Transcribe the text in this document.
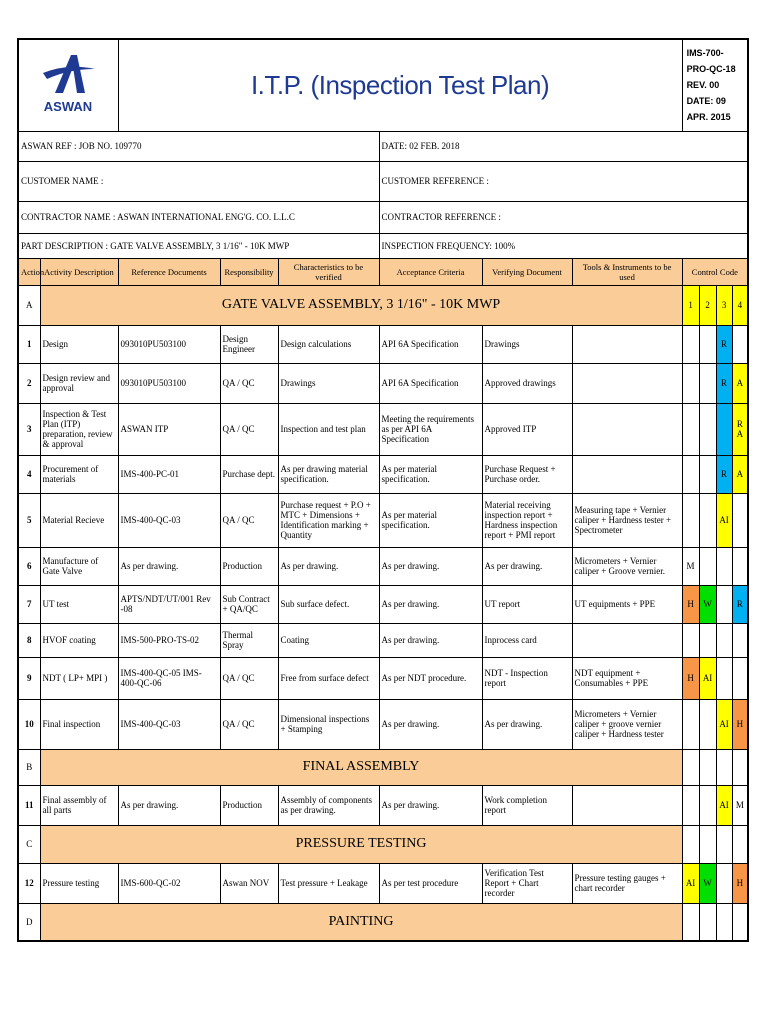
ASWAN		I.T.P. (Inspection Test Plan)						IMS-700-PRO-QC-18
REV. 00
DATE: 09 APR. 2015			

ASWAN REF : JOB NO. 109770					DATE: 02 FEB. 2018						
CUSTOMER NAME :					CUSTOMER REFERENCE :						
CONTRACTOR NAME : ASWAN INTERNATIONAL ENG'G. CO. L.L.C					CONTRACTOR REFERENCE :						
PART DESCRIPTION : GATE VALVE ASSEMBLY, 3 1/16" - 10K MWP					INSPECTION FREQUENCY: 100%						
Action	Activity Description	Reference Documents	Responsibility	Characteristics to be verified	Acceptance Criteria	Verifying Document	Tools & Instruments to be used	Control Code			
A	GATE VALVE ASSEMBLY, 3 1/16" - 10K MWP							1	2	3	4
1	Design	093010PU503100	Design Engineer	Design calculations	API 6A Specification	Drawings				R	
2	Design review and approval	093010PU503100	QA / QC	Drawings	API 6A Specification	Approved drawings				R	A
3	Inspection & Test Plan (ITP) preparation, review & approval	ASWAN ITP	QA / QC	Inspection and test plan	Meeting the requirements as per API 6A Specification	Approved ITP					R A
4	Procurement of materials	IMS-400-PC-01	Purchase dept.	As per drawing material specification.	As per material specification.	Purchase Request + Purchase order.				R	A
5	Material Recieve	IMS-400-QC-03	QA / QC	Purchase request + P.O + MTC + Dimensions + Identification marking + Quantity	As per material specification.	Material receiving inspection report + Hardness inspection report + PMI report	Measuring tape + Vernier caliper + Hardness tester + Spectrometer			AI	
6	Manufacture of Gate Valve	As per drawing.	Production	As per drawing.	As per drawing.	As per drawing.	Micrometers + Vernier caliper + Groove vernier.	M			
7	UT test	APTS/NDT/UT/001 Rev -08	Sub Contract + QA/QC	Sub surface defect.	As per drawing.	UT report	UT equipments + PPE	H	W		R
8	HVOF coating	IMS-500-PRO-TS-02	Thermal Spray	Coating	As per drawing.	Inprocess card					
9	NDT ( LP+ MPI )	IMS-400-QC-05 IMS-400-QC-06	QA / QC	Free from surface defect	As per NDT procedure.	NDT - Inspection report	NDT equipment + Consumables + PPE	H	AI		
10	Final inspection	IMS-400-QC-03	QA / QC	Dimensional inspections + Stamping	As per drawing.	As per drawing.	Micrometers + Vernier caliper + groove vernier caliper + Hardness tester			AI	H
B	FINAL ASSEMBLY										
11	Final assembly of all parts	As per drawing.	Production	Assembly of components as per drawing.	As per drawing.	Work completion report				AI	M
C	PRESSURE TESTING										
12	Pressure testing	IMS-600-QC-02	Aswan NOV	Test pressure + Leakage	As per test procedure	Verification Test Report + Chart recorder	Pressure testing gauges + chart recorder	AI	W		H
D	PAINTING										
